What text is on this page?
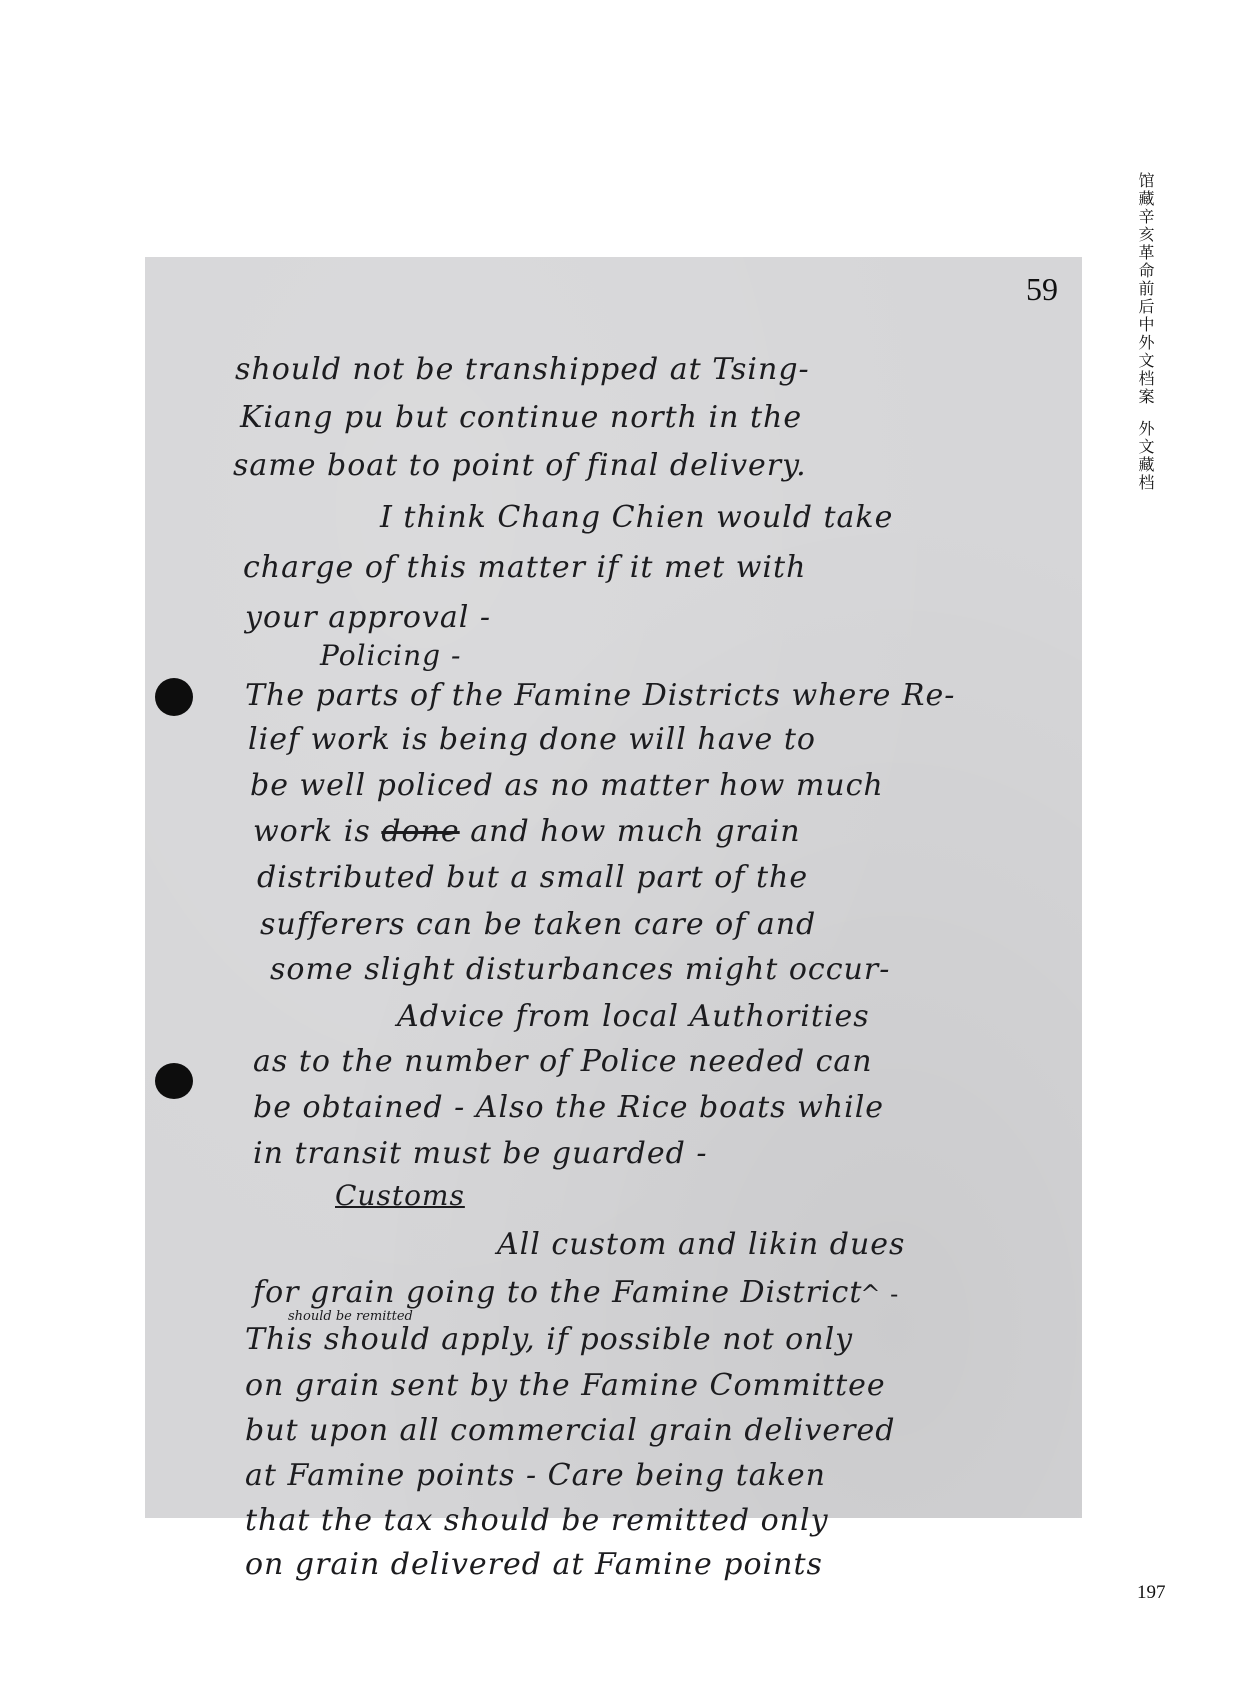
馆藏辛亥革命前后中外文档案外文藏档
59
should not be transhipped at Tsing-
Kiang pu but continue north in the
same boat to point of final delivery.
I think Chang Chien would take
charge of this matter if it met with
your approval -
Policing -
The parts of the Famine Districts where Re-
lief work is being done will have to
be well policed as no matter how much
work is done and how much grain
distributed but a small part of the
sufferers can be taken care of and
some slight disturbances might occur-
Advice from local Authorities
as to the number of Police needed can
be obtained - Also the Rice boats while
in transit must be guarded -
Customs
All custom and likin dues
for grain going to the Famine District^ -
should be remitted
This should apply, if possible not only
on grain sent by the Famine Committee
but upon all commercial grain delivered
at Famine points - Care being taken
that the tax should be remitted only
on grain delivered at Famine points
197
